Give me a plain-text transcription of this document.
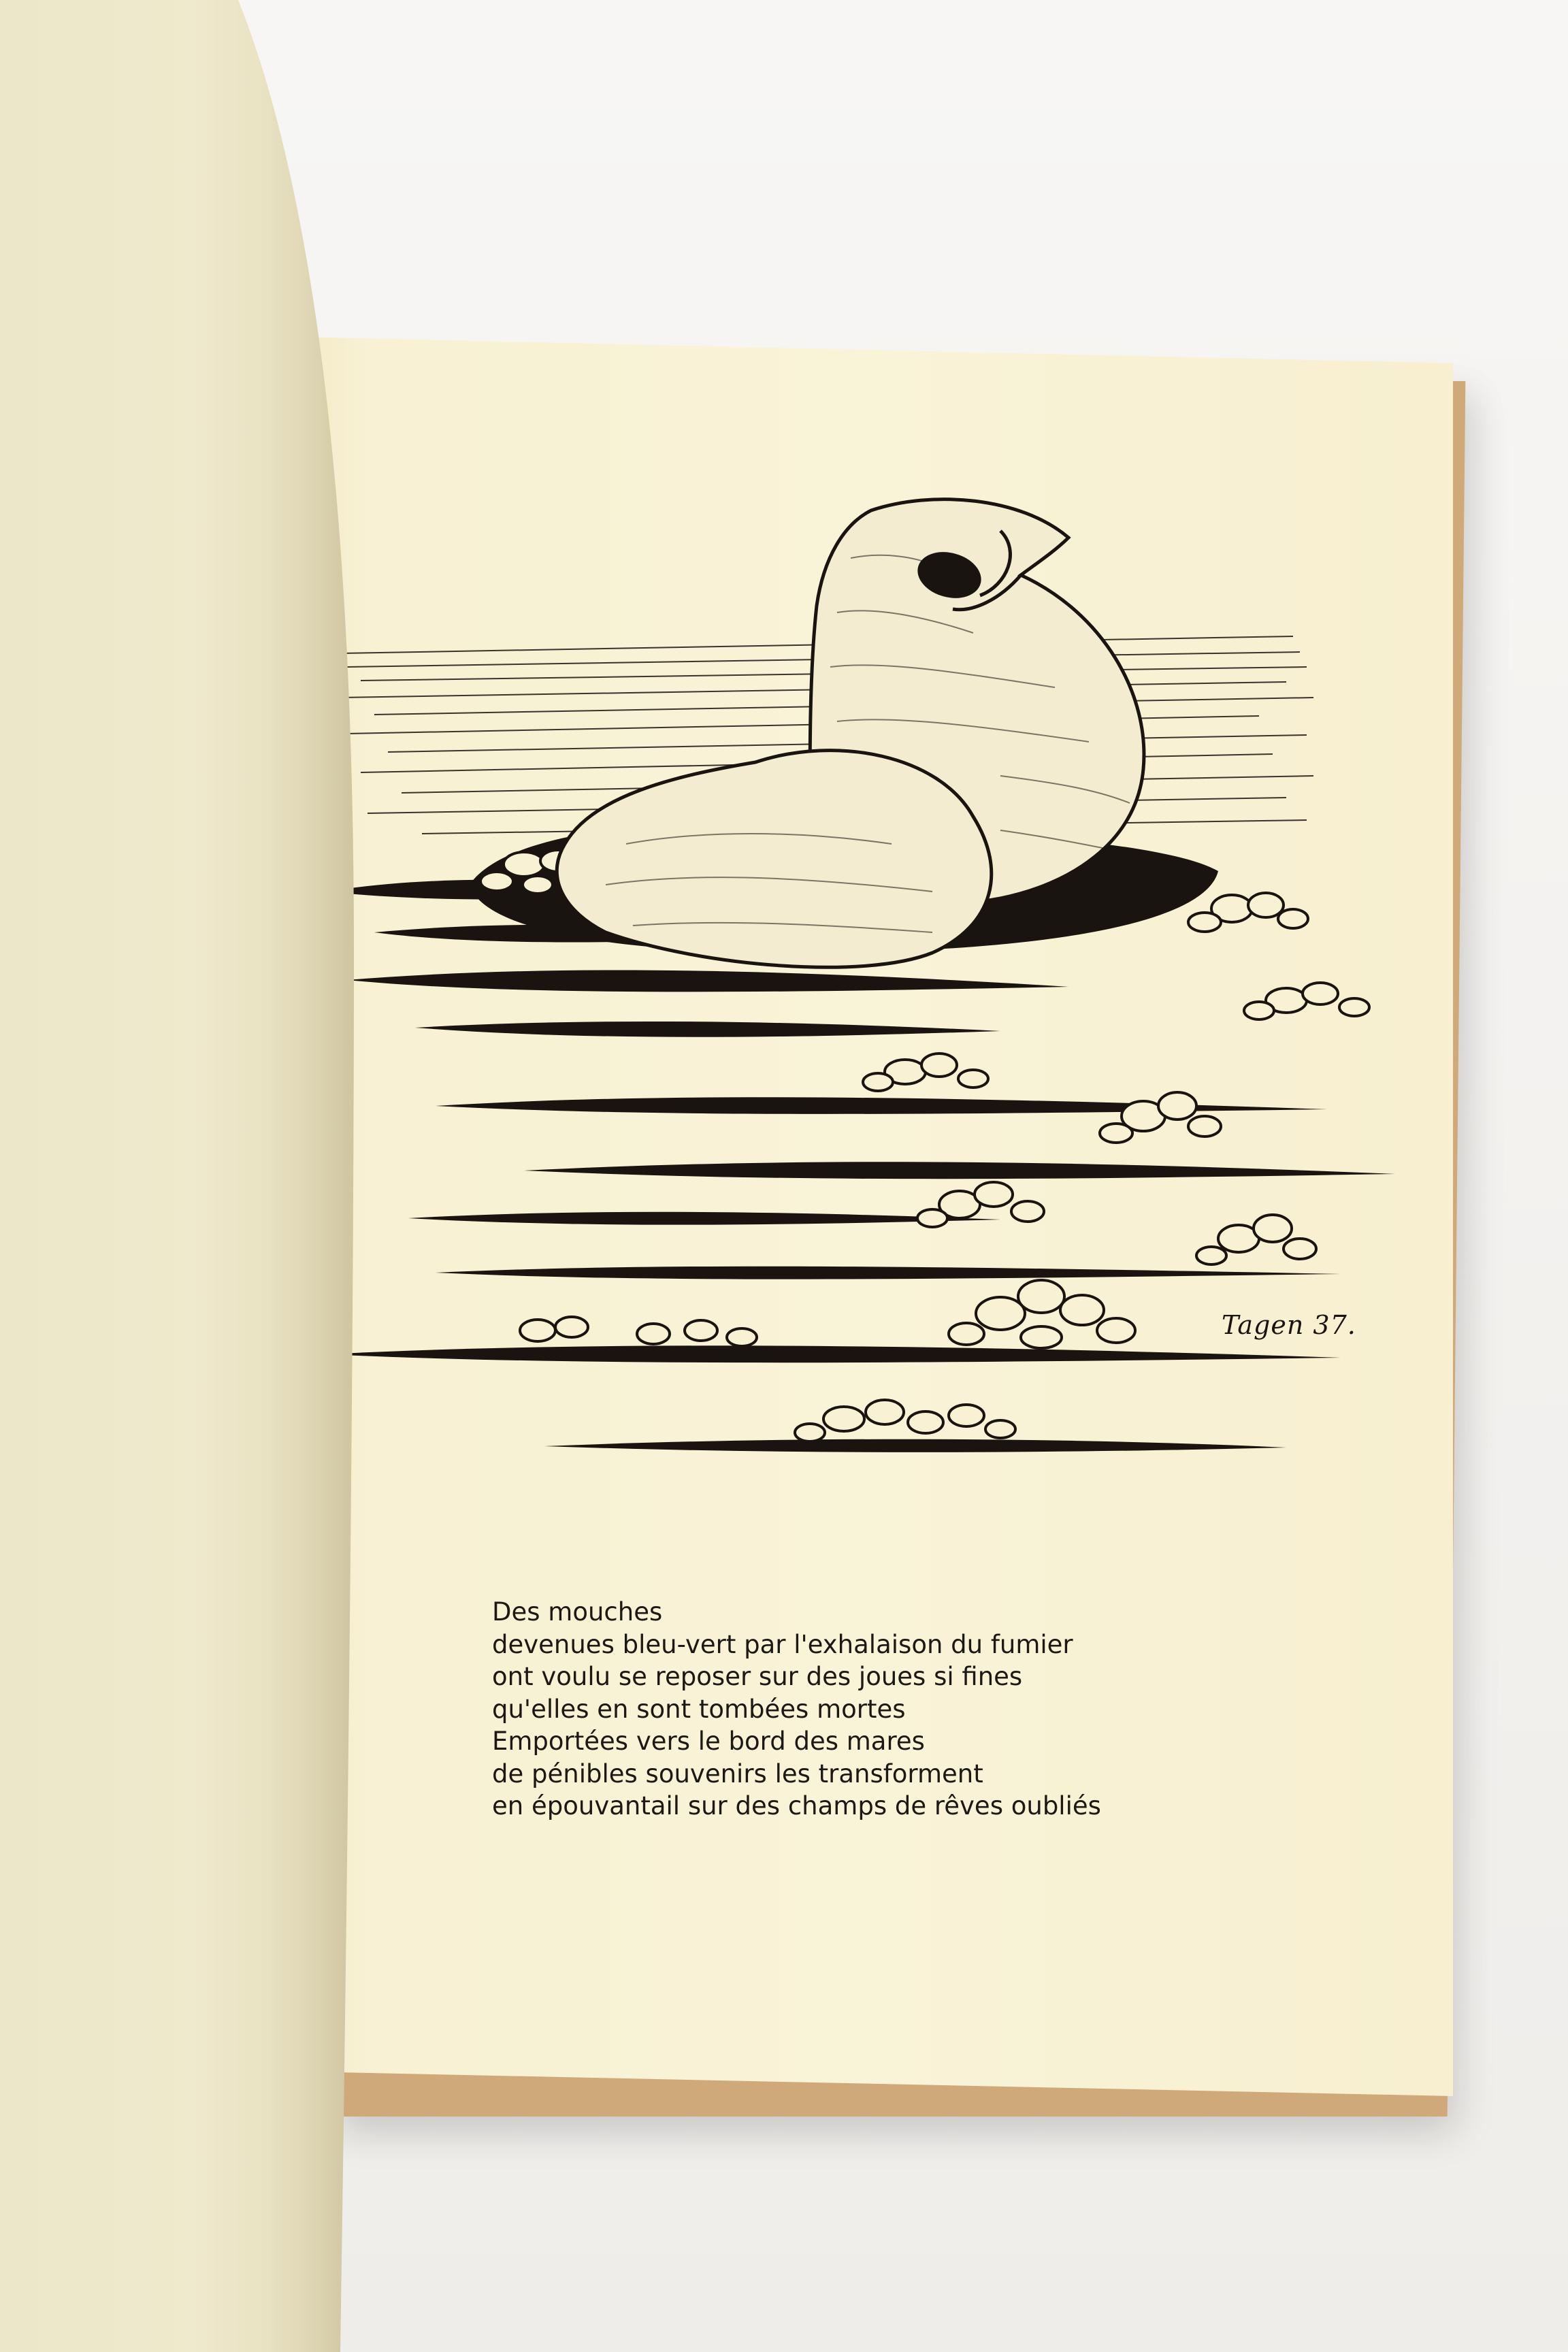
Tagen 37.
Des mouches
devenues bleu-vert par l'exhalaison du fumier
ont voulu se reposer sur des joues si fines
qu'elles en sont tombées mortes
Emportées vers le bord des mares
de pénibles souvenirs les transforment
en épouvantail sur des champs de rêves oubliés
